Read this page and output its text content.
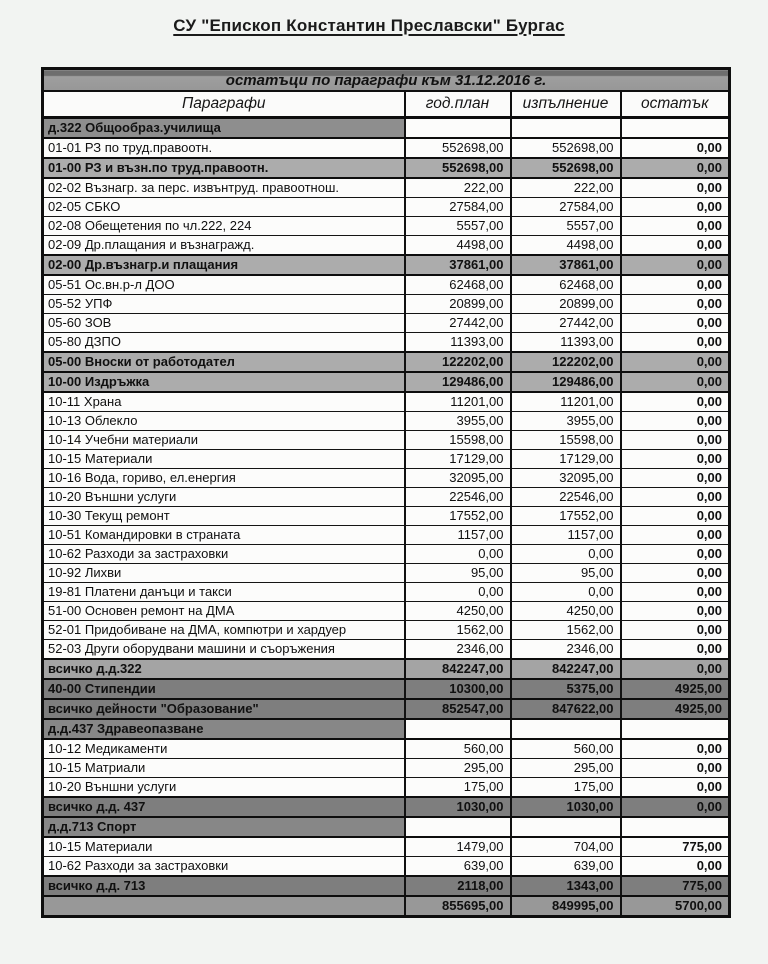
СУ "Епископ Константин Преславски" Бургас
остатъци по параграфи към 31.12.2016 г.			
Параграфи	год.план	изпълнение	остатък
д.322 Общообраз.училища			
01-01 РЗ по труд.правоотн.	552698,00	552698,00	0,00
01-00 РЗ и възн.по труд.правоотн.	552698,00	552698,00	0,00
02-02 Възнагр. за перс. извънтруд. правоотнош.	222,00	222,00	0,00
02-05 СБКО	27584,00	27584,00	0,00
02-08 Обещетения по чл.222, 224	5557,00	5557,00	0,00
02-09 Др.плащания и възнагражд.	4498,00	4498,00	0,00
02-00 Др.възнагр.и плащания	37861,00	37861,00	0,00
05-51 Ос.вн.р-л ДОО	62468,00	62468,00	0,00
05-52 УПФ	20899,00	20899,00	0,00
05-60 ЗОВ	27442,00	27442,00	0,00
05-80 ДЗПО	11393,00	11393,00	0,00
05-00 Вноски от работодател	122202,00	122202,00	0,00
10-00 Издръжка	129486,00	129486,00	0,00
10-11 Храна	11201,00	11201,00	0,00
10-13 Облекло	3955,00	3955,00	0,00
10-14 Учебни материали	15598,00	15598,00	0,00
10-15 Материали	17129,00	17129,00	0,00
10-16 Вода, гориво, ел.енергия	32095,00	32095,00	0,00
10-20 Външни услуги	22546,00	22546,00	0,00
10-30 Текущ ремонт	17552,00	17552,00	0,00
10-51 Командировки в страната	1157,00	1157,00	0,00
10-62 Разходи за застраховки	0,00	0,00	0,00
10-92 Лихви	95,00	95,00	0,00
19-81 Платени данъци и такси	0,00	0,00	0,00
51-00 Основен ремонт на ДМА	4250,00	4250,00	0,00
52-01 Придобиване на ДМА, компютри и хардуер	1562,00	1562,00	0,00
52-03 Други оборудвани машини и съоръжения	2346,00	2346,00	0,00
всичко д.д.322	842247,00	842247,00	0,00
40-00 Стипендии	10300,00	5375,00	4925,00
всичко дейности "Образование"	852547,00	847622,00	4925,00
д.д.437 Здравеопазване			
10-12 Медикаменти	560,00	560,00	0,00
10-15 Матриали	295,00	295,00	0,00
10-20 Външни услуги	175,00	175,00	0,00
всичко д.д. 437	1030,00	1030,00	0,00
д.д.713 Спорт			
10-15 Материали	1479,00	704,00	775,00
10-62 Разходи за застраховки	639,00	639,00	0,00
всичко д.д. 713	2118,00	1343,00	775,00
	855695,00	849995,00	5700,00
